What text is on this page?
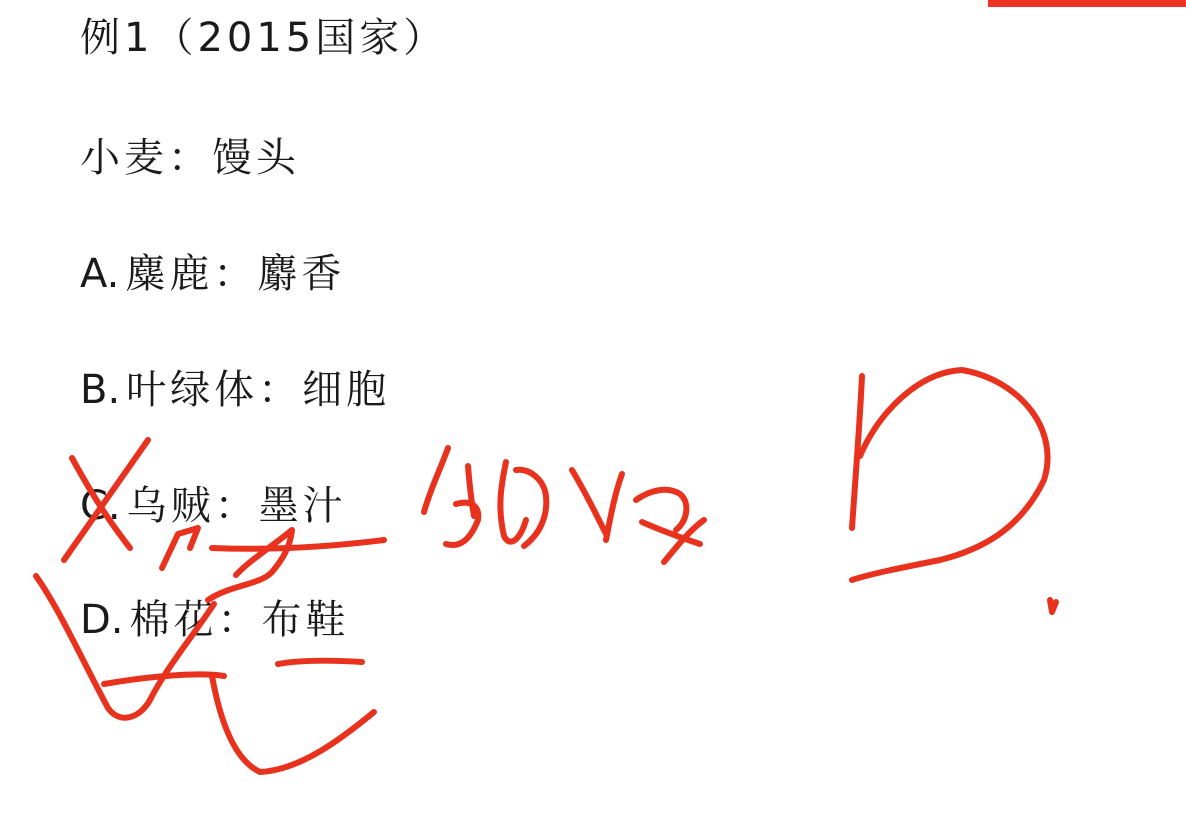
例1（2015国家）
小麦：馒头
A. 麋鹿：麝香
B. 叶绿体：细胞
C. 乌贼：墨汁
D. 棉花：布鞋
